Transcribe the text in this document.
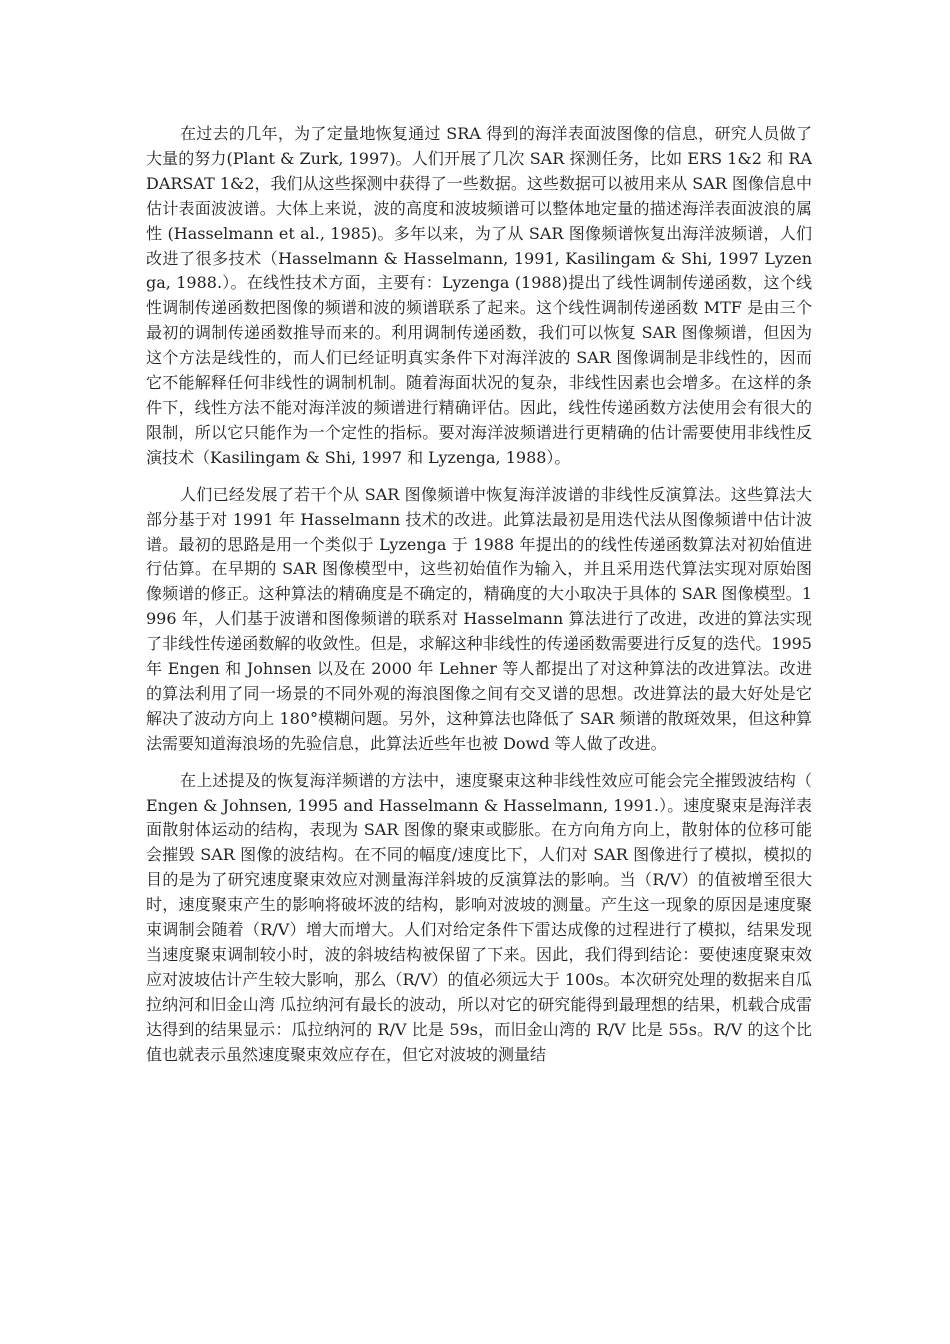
在过去的几年，为了定量地恢复通过 SRA 得到的海洋表面波图像的信息，研究人员做了大量的努力(Plant & Zurk, 1997)。人们开展了几次 SAR 探测任务，比如 ERS 1&2 和 RADARSAT 1&2，我们从这些探测中获得了一些数据。这些数据可以被用来从 SAR 图像信息中估计表面波波谱。大体上来说，波的高度和波坡频谱可以整体地定量的描述海洋表面波浪的属性 (Hasselmann et al., 1985)。多年以来，为了从 SAR 图像频谱恢复出海洋波频谱，人们改进了很多技术（Hasselmann & Hasselmann, 1991, Kasilingam & Shi, 1997 Lyzenga, 1988.）。在线性技术方面，主要有：Lyzenga (1988)提出了线性调制传递函数，这个线性调制传递函数把图像的频谱和波的频谱联系了起来。这个线性调制传递函数 MTF 是由三个最初的调制传递函数推导而来的。利用调制传递函数，我们可以恢复 SAR 图像频谱，但因为这个方法是线性的，而人们已经证明真实条件下对海洋波的 SAR 图像调制是非线性的，因而它不能解释任何非线性的调制机制。随着海面状况的复杂，非线性因素也会增多。在这样的条件下，线性方法不能对海洋波的频谱进行精确评估。因此，线性传递函数方法使用会有很大的限制，所以它只能作为一个定性的指标。要对海洋波频谱进行更精确的估计需要使用非线性反演技术（Kasilingam & Shi, 1997 和 Lyzenga, 1988）。

人们已经发展了若干个从 SAR 图像频谱中恢复海洋波谱的非线性反演算法。这些算法大部分基于对 1991 年 Hasselmann 技术的改进。此算法最初是用迭代法从图像频谱中估计波谱。最初的思路是用一个类似于 Lyzenga 于 1988 年提出的的线性传递函数算法对初始值进行估算。在早期的 SAR 图像模型中，这些初始值作为输入，并且采用迭代算法实现对原始图像频谱的修正。这种算法的精确度是不确定的，精确度的大小取决于具体的 SAR 图像模型。1996 年，人们基于波谱和图像频谱的联系对 Hasselmann 算法进行了改进，改进的算法实现了非线性传递函数解的收敛性。但是，求解这种非线性的传递函数需要进行反复的迭代。1995 年 Engen 和 Johnsen 以及在 2000 年 Lehner 等人都提出了对这种算法的改进算法。改进的算法利用了同一场景的不同外观的海浪图像之间有交叉谱的思想。改进算法的最大好处是它解决了波动方向上 180°模糊问题。另外，这种算法也降低了 SAR 频谱的散斑效果，但这种算法需要知道海浪场的先验信息，此算法近些年也被 Dowd 等人做了改进。

在上述提及的恢复海洋频谱的方法中，速度聚束这种非线性效应可能会完全摧毁波结构（ Engen & Johnsen, 1995 and Hasselmann & Hasselmann, 1991.）。速度聚束是海洋表面散射体运动的结构，表现为 SAR 图像的聚束或膨胀。在方向角方向上，散射体的位移可能会摧毁 SAR 图像的波结构。在不同的幅度/速度比下，人们对 SAR 图像进行了模拟，模拟的目的是为了研究速度聚束效应对测量海洋斜坡的反演算法的影响。当（R/V）的值被增至很大时，速度聚束产生的影响将破坏波的结构，影响对波坡的测量。产生这一现象的原因是速度聚束调制会随着（R/V）增大而增大。人们对给定条件下雷达成像的过程进行了模拟，结果发现当速度聚束调制较小时，波的斜坡结构被保留了下来。因此，我们得到结论：要使速度聚束效应对波坡估计产生较大影响，那么（R/V）的值必须远大于 100s。本次研究处理的数据来自瓜拉纳河和旧金山湾 瓜拉纳河有最长的波动，所以对它的研究能得到最理想的结果，机载合成雷达得到的结果显示：瓜拉纳河的 R/V 比是 59s，而旧金山湾的 R/V 比是 55s。R/V 的这个比值也就表示虽然速度聚束效应存在，但它对波坡的测量结
